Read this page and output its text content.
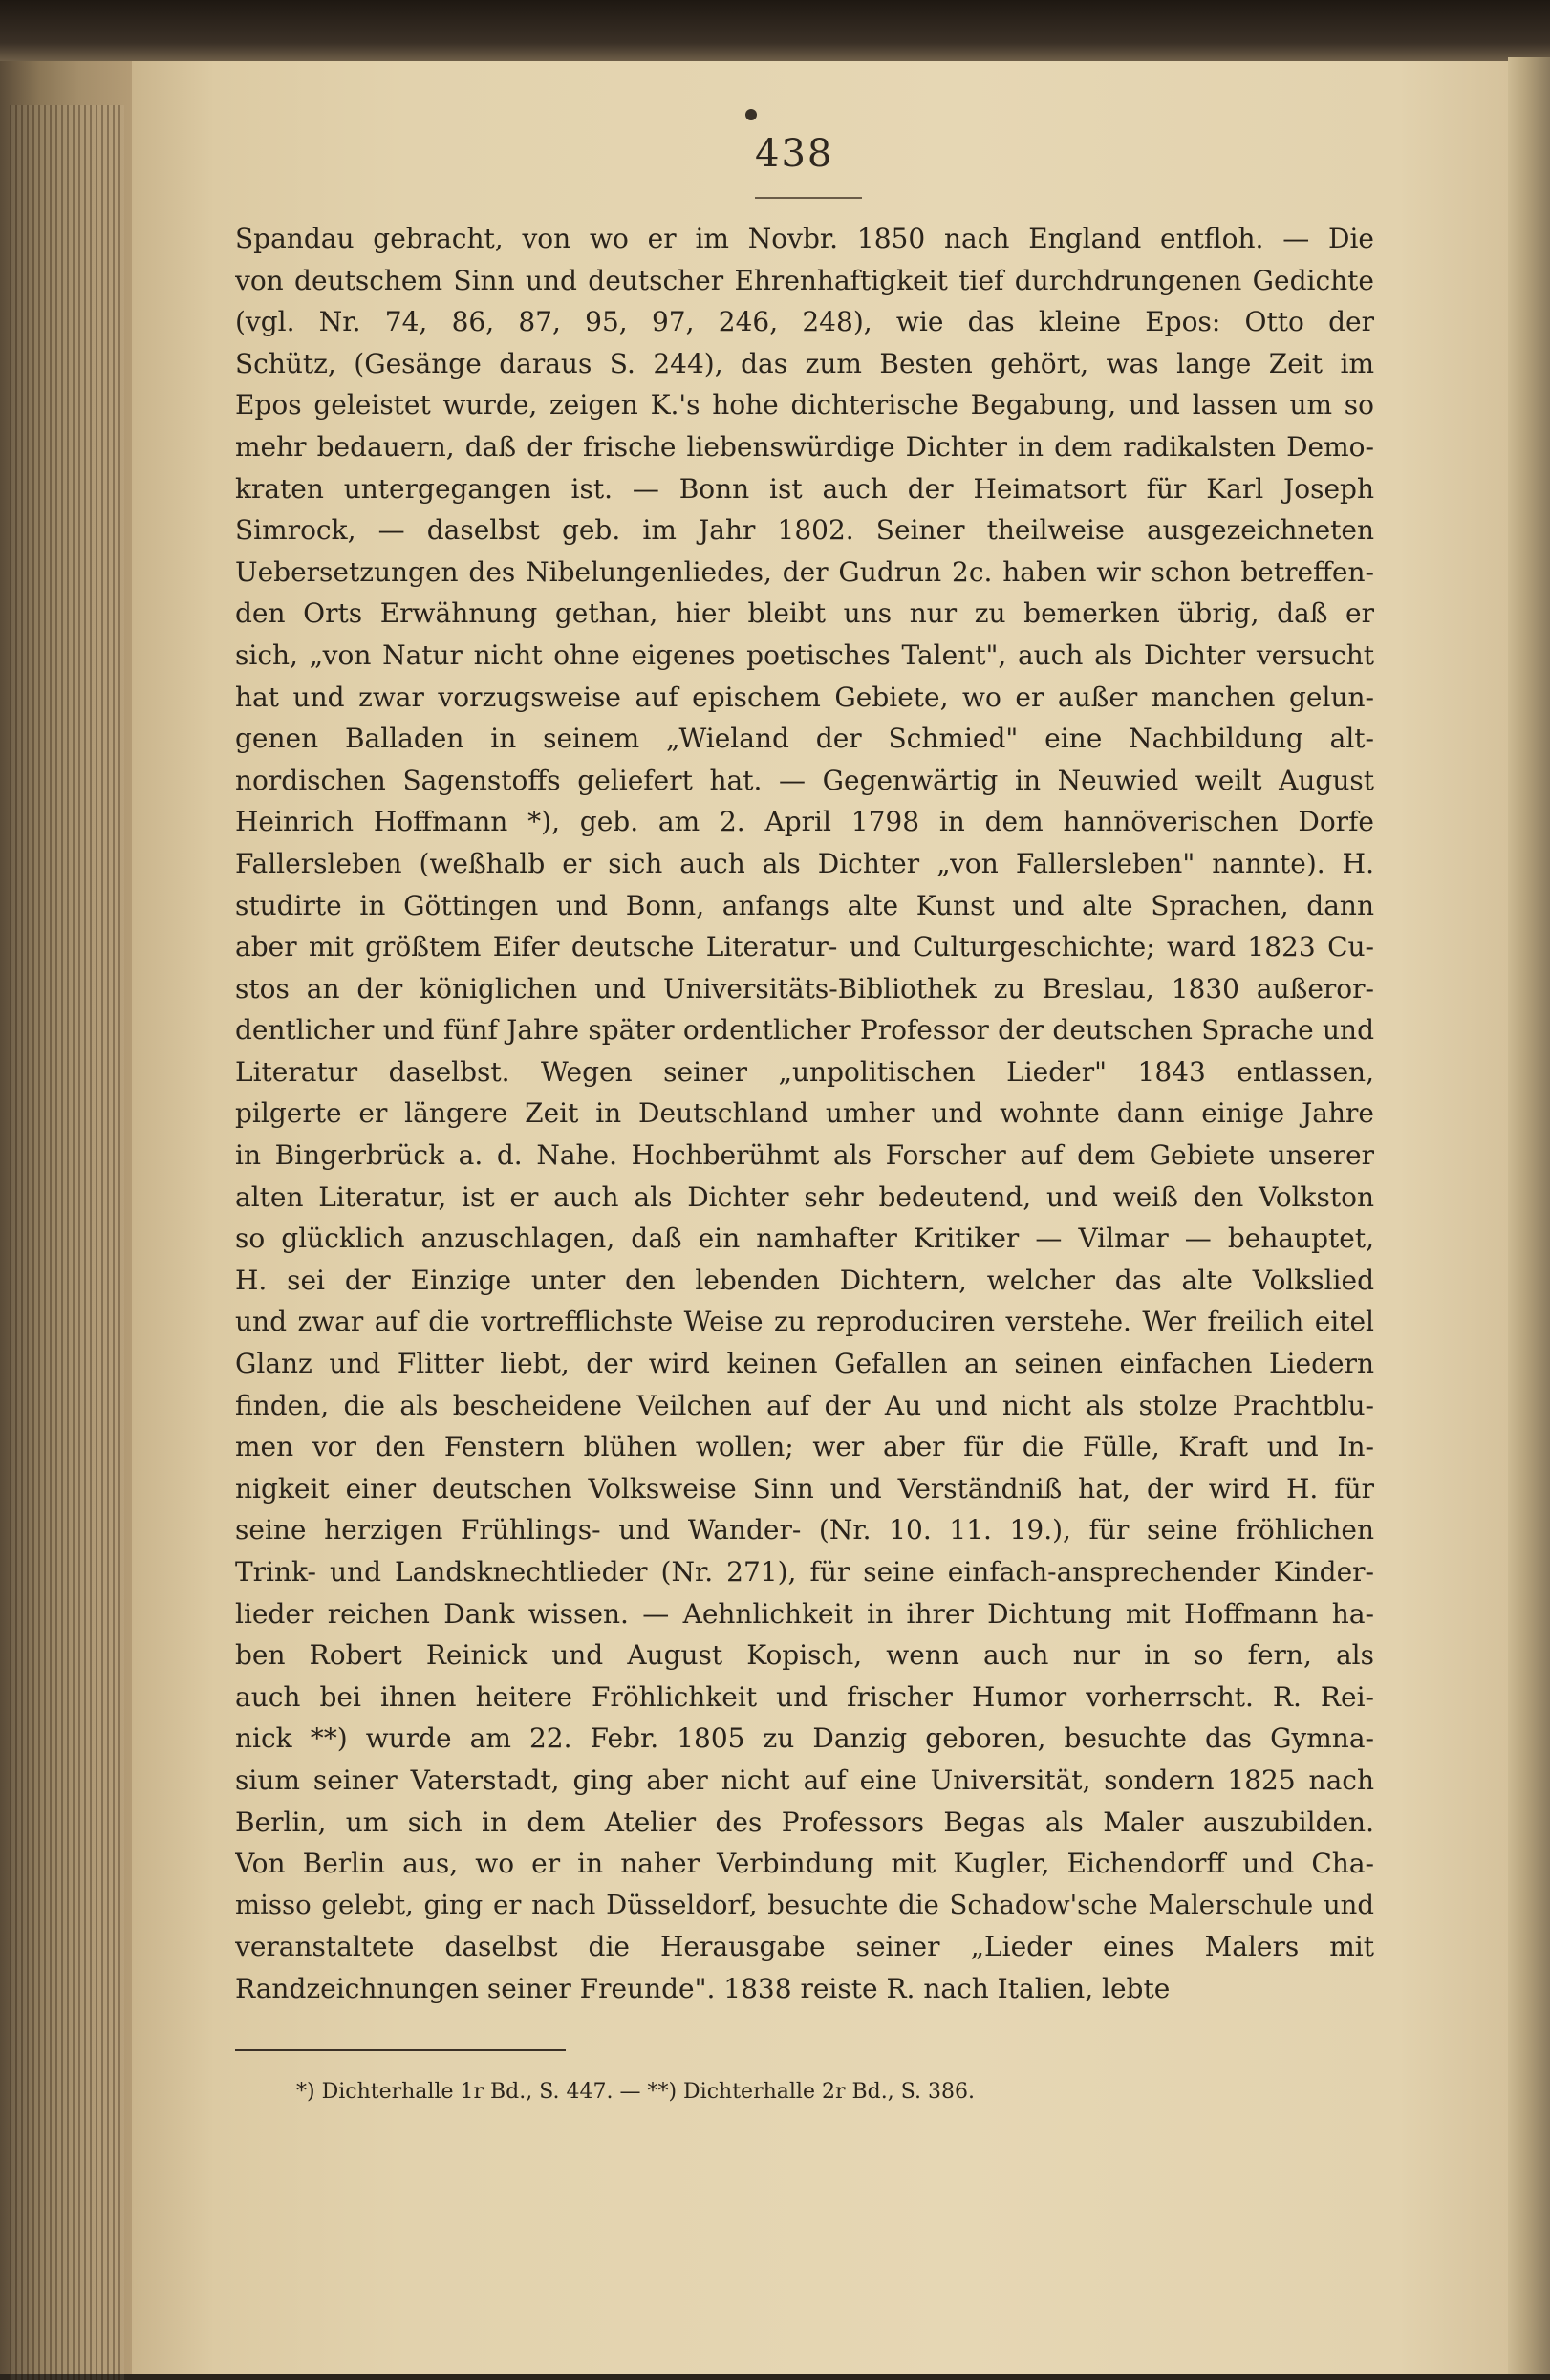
438
Spandau gebracht, von wo er im Novbr. 1850 nach England entfloh. — Die
von deutschem Sinn und deutscher Ehrenhaftigkeit tief durchdrungenen Gedichte
(vgl. Nr. 74, 86, 87, 95, 97, 246, 248), wie das kleine Epos: Otto der
Schütz, (Gesänge daraus S. 244), das zum Besten gehört, was lange Zeit im
Epos geleistet wurde, zeigen K.'s hohe dichterische Begabung, und lassen um so
mehr bedauern, daß der frische liebenswürdige Dichter in dem radikalsten Demo-
kraten untergegangen ist. — Bonn ist auch der Heimatsort für Karl Joseph
Simrock, — daselbst geb. im Jahr 1802. Seiner theilweise ausgezeichneten
Uebersetzungen des Nibelungenliedes, der Gudrun 2c. haben wir schon betreffen-
den Orts Erwähnung gethan, hier bleibt uns nur zu bemerken übrig, daß er
sich, „von Natur nicht ohne eigenes poetisches Talent", auch als Dichter versucht
hat und zwar vorzugsweise auf epischem Gebiete, wo er außer manchen gelun-
genen Balladen in seinem „Wieland der Schmied" eine Nachbildung alt-
nordischen Sagenstoffs geliefert hat. — Gegenwärtig in Neuwied weilt August
Heinrich Hoffmann *), geb. am 2. April 1798 in dem hannöverischen Dorfe
Fallersleben (weßhalb er sich auch als Dichter „von Fallersleben" nannte). H.
studirte in Göttingen und Bonn, anfangs alte Kunst und alte Sprachen, dann
aber mit größtem Eifer deutsche Literatur- und Culturgeschichte; ward 1823 Cu-
stos an der königlichen und Universitäts-Bibliothek zu Breslau, 1830 außeror-
dentlicher und fünf Jahre später ordentlicher Professor der deutschen Sprache und
Literatur daselbst. Wegen seiner „unpolitischen Lieder" 1843 entlassen,
pilgerte er längere Zeit in Deutschland umher und wohnte dann einige Jahre
in Bingerbrück a. d. Nahe. Hochberühmt als Forscher auf dem Gebiete unserer
alten Literatur, ist er auch als Dichter sehr bedeutend, und weiß den Volkston
so glücklich anzuschlagen, daß ein namhafter Kritiker — Vilmar — behauptet,
H. sei der Einzige unter den lebenden Dichtern, welcher das alte Volkslied
und zwar auf die vortrefflichste Weise zu reproduciren verstehe. Wer freilich eitel
Glanz und Flitter liebt, der wird keinen Gefallen an seinen einfachen Liedern
finden, die als bescheidene Veilchen auf der Au und nicht als stolze Prachtblu-
men vor den Fenstern blühen wollen; wer aber für die Fülle, Kraft und In-
nigkeit einer deutschen Volksweise Sinn und Verständniß hat, der wird H. für
seine herzigen Frühlings- und Wander- (Nr. 10. 11. 19.), für seine fröhlichen
Trink- und Landsknechtlieder (Nr. 271), für seine einfach-ansprechender Kinder-
lieder reichen Dank wissen. — Aehnlichkeit in ihrer Dichtung mit Hoffmann ha-
ben Robert Reinick und August Kopisch, wenn auch nur in so fern, als
auch bei ihnen heitere Fröhlichkeit und frischer Humor vorherrscht. R. Rei-
nick **) wurde am 22. Febr. 1805 zu Danzig geboren, besuchte das Gymna-
sium seiner Vaterstadt, ging aber nicht auf eine Universität, sondern 1825 nach
Berlin, um sich in dem Atelier des Professors Begas als Maler auszubilden.
Von Berlin aus, wo er in naher Verbindung mit Kugler, Eichendorff und Cha-
misso gelebt, ging er nach Düsseldorf, besuchte die Schadow'sche Malerschule und
veranstaltete daselbst die Herausgabe seiner „Lieder eines Malers mit
Randzeichnungen seiner Freunde". 1838 reiste R. nach Italien, lebte
*) Dichterhalle 1r Bd., S. 447. — **) Dichterhalle 2r Bd., S. 386.
